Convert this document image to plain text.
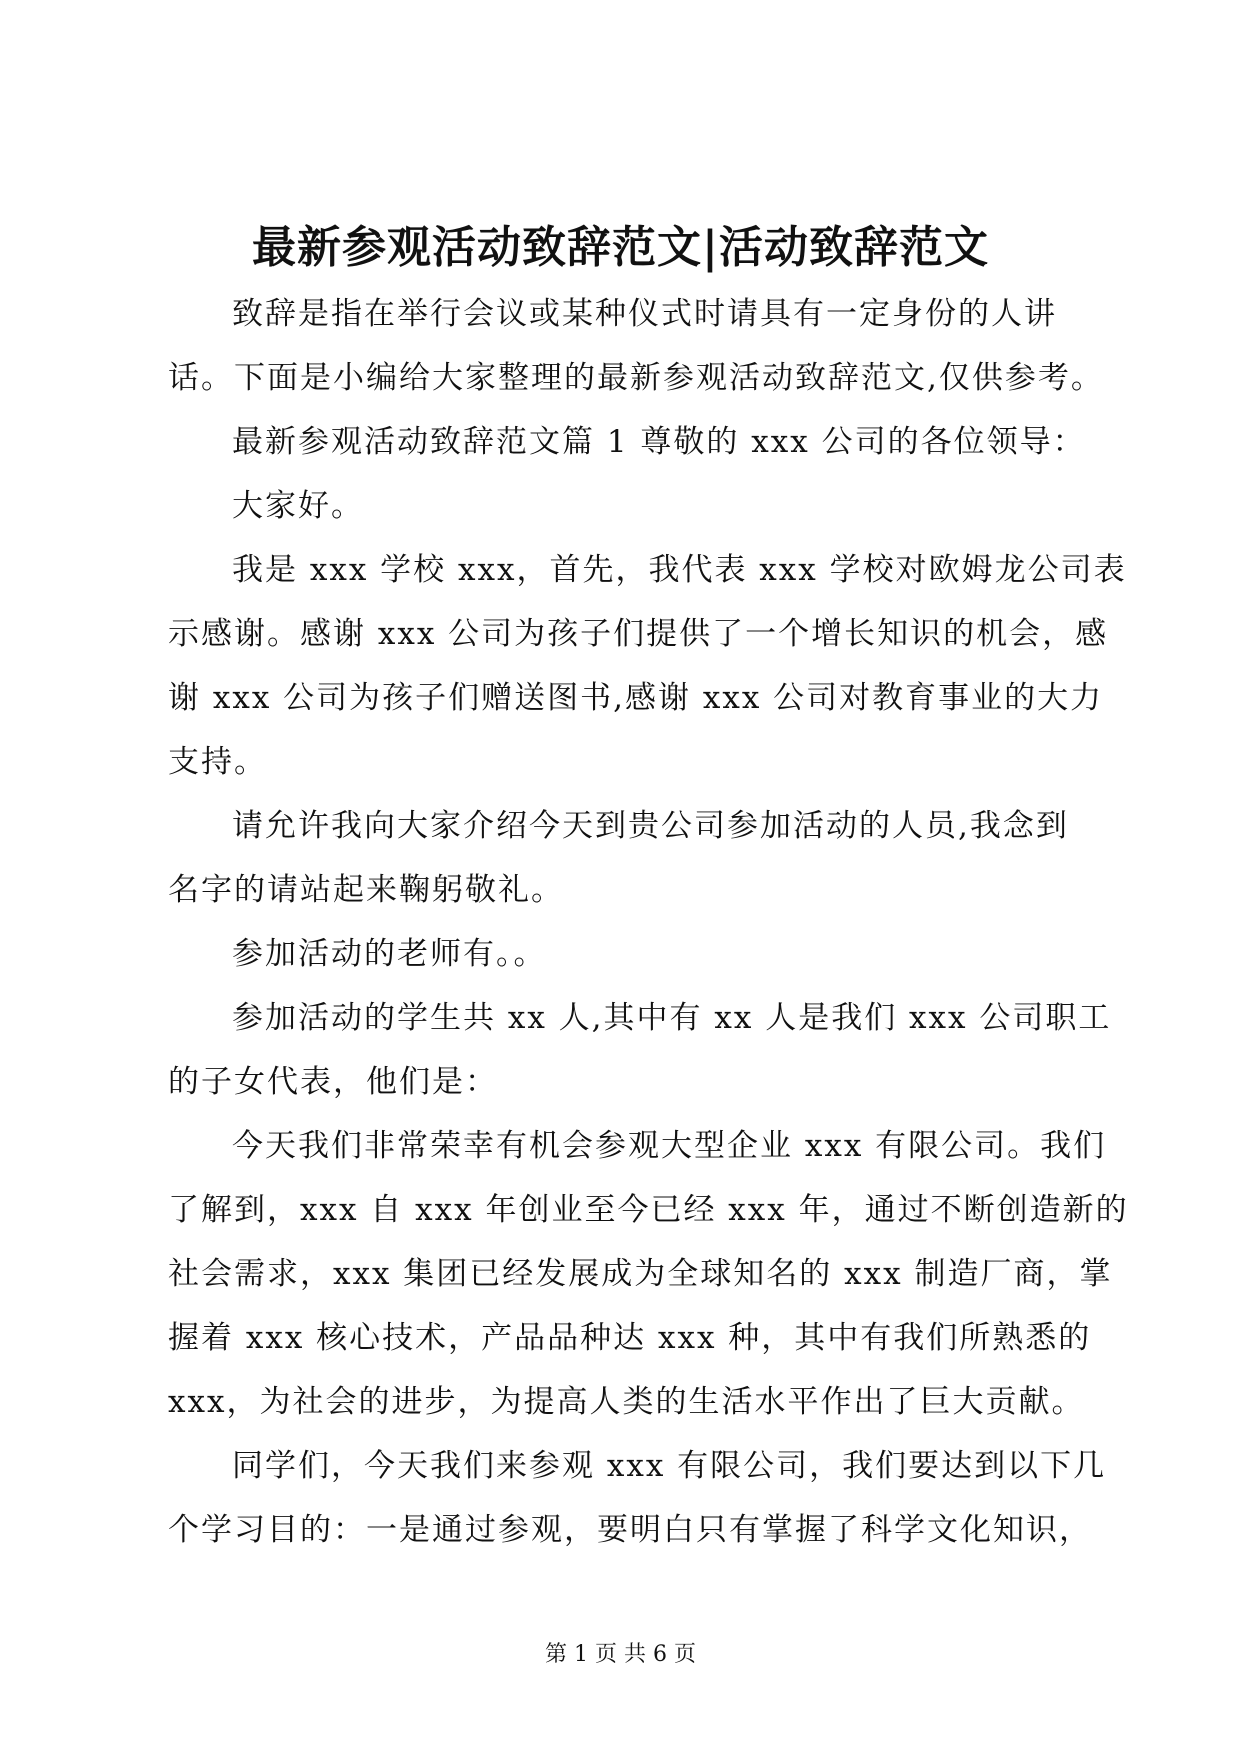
最新参观活动致辞范文|活动致辞范文
致辞是指在举行会议或某种仪式时请具有一定身份的人讲
话。下面是小编给大家整理的最新参观活动致辞范文,仅供参考。
最新参观活动致辞范文篇 1 尊敬的 xxx 公司的各位领导：
大家好。
我是 xxx 学校 xxx，首先，我代表 xxx 学校对欧姆龙公司表
示感谢。感谢 xxx 公司为孩子们提供了一个增长知识的机会，感
谢 xxx 公司为孩子们赠送图书,感谢 xxx 公司对教育事业的大力
支持。
请允许我向大家介绍今天到贵公司参加活动的人员,我念到
名字的请站起来鞠躬敬礼。
参加活动的老师有。。
参加活动的学生共 xx 人,其中有 xx 人是我们 xxx 公司职工
的子女代表，他们是：
今天我们非常荣幸有机会参观大型企业 xxx 有限公司。我们
了解到，xxx 自 xxx 年创业至今已经 xxx 年，通过不断创造新的
社会需求，xxx 集团已经发展成为全球知名的 xxx 制造厂商，掌
握着 xxx 核心技术，产品品种达 xxx 种，其中有我们所熟悉的
xxx，为社会的进步，为提高人类的生活水平作出了巨大贡献。
同学们，今天我们来参观 xxx 有限公司，我们要达到以下几
个学习目的：一是通过参观，要明白只有掌握了科学文化知识，
第 1 页 共 6 页
